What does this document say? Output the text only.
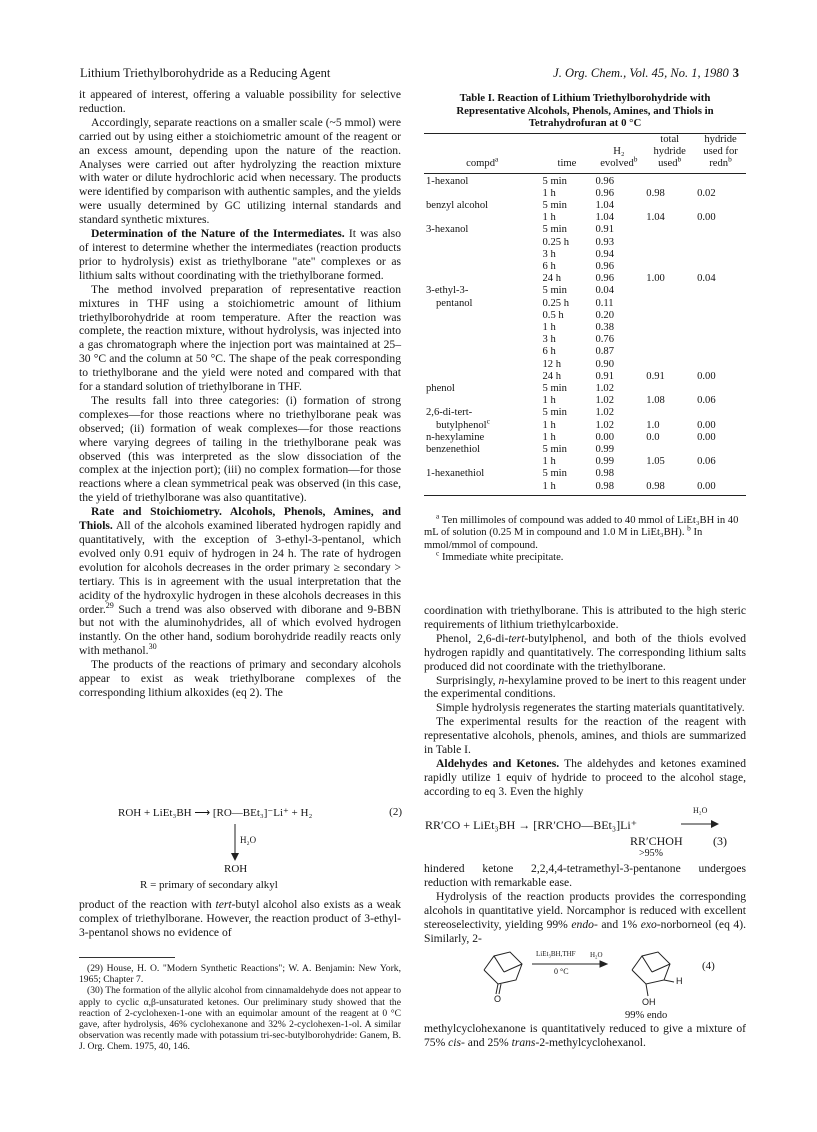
Lithium Triethylborohydride as a Reducing Agent	J. Org. Chem., Vol. 45, No. 1, 1980 3

it appeared of interest, offering a valuable possibility for selective reduction.

Accordingly, separate reactions on a smaller scale (~5 mmol) were carried out by using either a stoichiometric amount of the reagent or an excess amount, depending upon the nature of the reaction. Analyses were carried out after hydrolyzing the reaction mixture with water or dilute hydrochloric acid when necessary. The products were identified by comparison with authentic samples, and the yields were usually determined by GC utilizing internal standards and standard synthetic mixtures.

Determination of the Nature of the Intermediates. It was also of interest to determine whether the intermediates (reaction products prior to hydrolysis) exist as triethylborane "ate" complexes or as lithium salts without coordinating with the triethylborane formed.

The method involved preparation of representative reaction mixtures in THF using a stoichiometric amount of lithium triethylborohydride at room temperature. After the reaction was complete, the reaction mixture, without hydrolysis, was injected into a gas chromatograph where the injection port was maintained at 25–30 °C and the column at 50 °C. The shape of the peak corresponding to triethylborane and the yield were noted and compared with that for a standard solution of triethylborane in THF.

The results fall into three categories: (i) formation of strong complexes—for those reactions where no triethylborane peak was observed; (ii) formation of weak complexes—for those reactions where varying degrees of tailing in the triethylborane peak was observed (this was interpreted as the slow dissociation of the complex at the injection port); (iii) no complex formation—for those reactions where a clean symmetrical peak was observed (in this case, the yield of triethylborane was also quantitative).

Rate and Stoichiometry. Alcohols, Phenols, Amines, and Thiols. All of the alcohols examined liberated hydrogen rapidly and quantitatively, with the exception of 3-ethyl-3-pentanol, which evolved only 0.91 equiv of hydrogen in 24 h. The rate of hydrogen evolution for alcohols decreases in the order primary ≥ secondary > tertiary. This is in agreement with the usual interpretation that the acidity of the hydroxylic hydrogen in these alcohols decreases in this order.$^{29}$ Such a trend was also observed with diborane and 9-BBN but not with the aluminohydrides, all of which evolved hydrogen instantly. On the other hand, sodium borohydride readily reacts only with methanol.$^{30}$

The products of the reactions of primary and secondary alcohols appear to exist as weak triethylborane complexes of the corresponding lithium alkoxides (eq 2). The

ROH + LiEt₃BH ⟶ [RO—BEt₃]⁻Li⁺ + H₂	(2)
H₂O
ROH
R = primary of secondary alkyl

product of the reaction with tert-butyl alcohol also exists as a weak complex of triethylborane. However, the reaction product of 3-ethyl-3-pentanol shows no evidence of

(29) House, H. O. "Modern Synthetic Reactions"; W. A. Benjamin: New York, 1965; Chapter 7.

(30) The formation of the allylic alcohol from cinnamaldehyde does not appear to apply to cyclic α,β-unsaturated ketones. Our preliminary study showed that the reaction of 2-cyclohexen-1-one with an equimolar amount of the reagent at 0 °C gave, after hydrolysis, 46% cyclohexanone and 32% 2-cyclohexen-1-ol. A similar observation was recently made with potassium tri-sec-butylborohydride: Ganem, B. J. Org. Chem. 1975, 40, 146.

Table I. Reaction of Lithium Triethylborohydride with Representative Alcohols, Phenols, Amines, and Thiols in Tetrahydrofuran at 0 °C
compd$^a$	time	H₂ evolved$^b$	total hydride used$^b$	hydride used for redn$^b$
1-hexanol	5 min	0.96		
	1 h	0.96	0.98	0.02
benzyl alcohol	5 min	1.04		
	1 h	1.04	1.04	0.00
3-hexanol	5 min	0.91		
	0.25 h	0.93		
	3 h	0.94		
	6 h	0.96		
	24 h	0.96	1.00	0.04
3-ethyl-3-	5 min	0.04		
pentanol	0.25 h	0.11		
	0.5 h	0.20		
	1 h	0.38		
	3 h	0.76		
	6 h	0.87		
	12 h	0.90		
	24 h	0.91	0.91	0.00
phenol	5 min	1.02		
	1 h	1.02	1.08	0.06
2,6-di-tert-	5 min	1.02		
butylphenol$^c$	1 h	1.02	1.0	0.00
n-hexylamine	1 h	0.00	0.0	0.00
benzenethiol	5 min	0.99		
	1 h	0.99	1.05	0.06
1-hexanethiol	5 min	0.98		
	1 h	0.98	0.98	0.00

$^a$ Ten millimoles of compound was added to 40 mmol of LiEt₃BH in 40 mL of solution (0.25 M in compound and 1.0 M in LiEt₃BH). $^b$ In mmol/mmol of compound.

$^c$ Immediate white precipitate.

coordination with triethylborane. This is attributed to the high steric requirements of lithium triethylcarboxide.

Phenol, 2,6-di-tert-butylphenol, and both of the thiols evolved hydrogen rapidly and quantitatively. The corresponding lithium salts produced did not coordinate with the triethylborane.

Surprisingly, n-hexylamine proved to be inert to this reagent under the experimental conditions.

Simple hydrolysis regenerates the starting materials quantitatively.

The experimental results for the reaction of the reagent with representative alcohols, phenols, amines, and thiols are summarized in Table I.

Aldehydes and Ketones. The aldehydes and ketones examined rapidly utilize 1 equiv of hydride to proceed to the alcohol stage, according to eq 3. Even the highly

RR′CO + LiEt₃BH → [RR′CHO—BEt₃]Li⁺
H₂O
RR′CHOH	(3)
>95%

hindered ketone 2,2,4,4-tetramethyl-3-pentanone undergoes reduction with remarkable ease.

Hydrolysis of the reaction products provides the corresponding alcohols in quantitative yield. Norcamphor is reduced with excellent stereoselectivity, yielding 99% endo- and 1% exo-norborneol (eq 4). Similarly, 2-

LiEt₃BH,THF
0 °C
H₂O
O
H
OH
(4)
99% endo

methylcyclohexanone is quantitatively reduced to give a mixture of 75% cis- and 25% trans-2-methylcyclohexanol.
